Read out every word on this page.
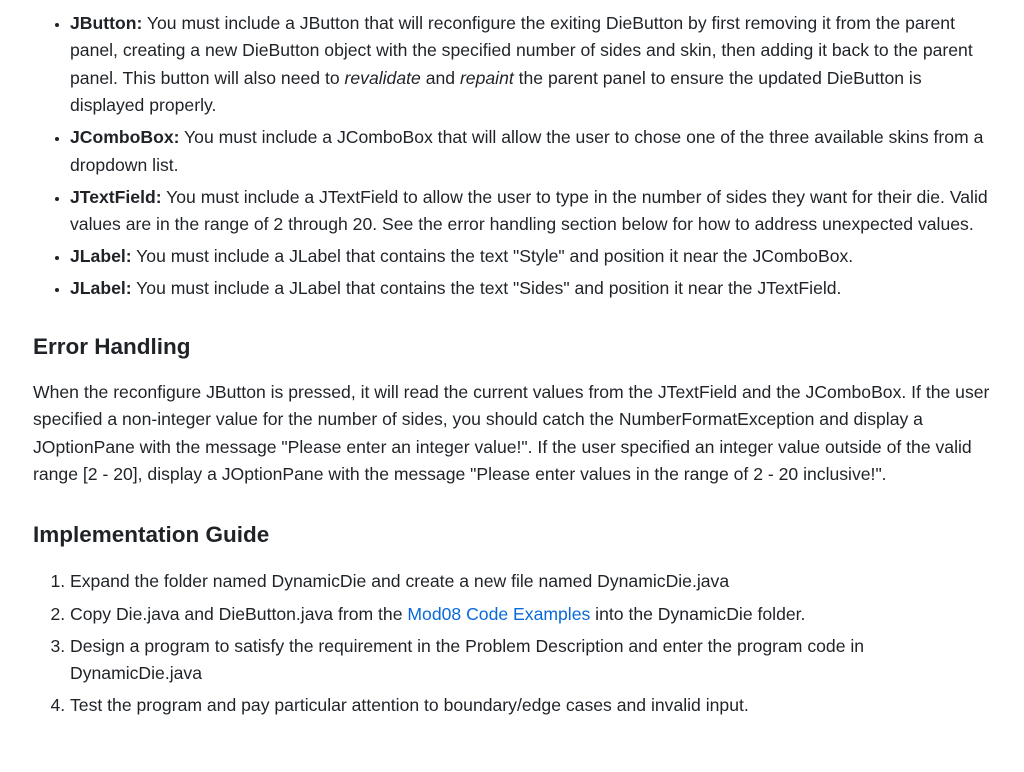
• JButton: You must include a JButton that will reconfigure the exiting DieButton by first removing it from the parent panel, creating a new DieButton object with the specified number of sides and skin, then adding it back to the parent panel. This button will also need to revalidate and repaint the parent panel to ensure the updated DieButton is displayed properly.
• JComboBox: You must include a JComboBox that will allow the user to chose one of the three available skins from a dropdown list.
• JTextField: You must include a JTextField to allow the user to type in the number of sides they want for their die. Valid values are in the range of 2 through 20. See the error handling section below for how to address unexpected values.
• JLabel: You must include a JLabel that contains the text "Style" and position it near the JComboBox.
• JLabel: You must include a JLabel that contains the text "Sides" and position it near the JTextField.
Error Handling

When the reconfigure JButton is pressed, it will read the current values from the JTextField and the JComboBox. If the user specified a non-integer value for the number of sides, you should catch the NumberFormatException and display a JOptionPane with the message "Please enter an integer value!". If the user specified an integer value outside of the valid range [2 - 20], display a JOptionPane with the message "Please enter values in the range of 2 - 20 inclusive!".

Implementation Guide
1. Expand the folder named DynamicDie and create a new file named DynamicDie.java
2. Copy Die.java and DieButton.java from the Mod08 Code Examples into the DynamicDie folder.
3. Design a program to satisfy the requirement in the Problem Description and enter the program code in DynamicDie.java
4. Test the program and pay particular attention to boundary/edge cases and invalid input.
